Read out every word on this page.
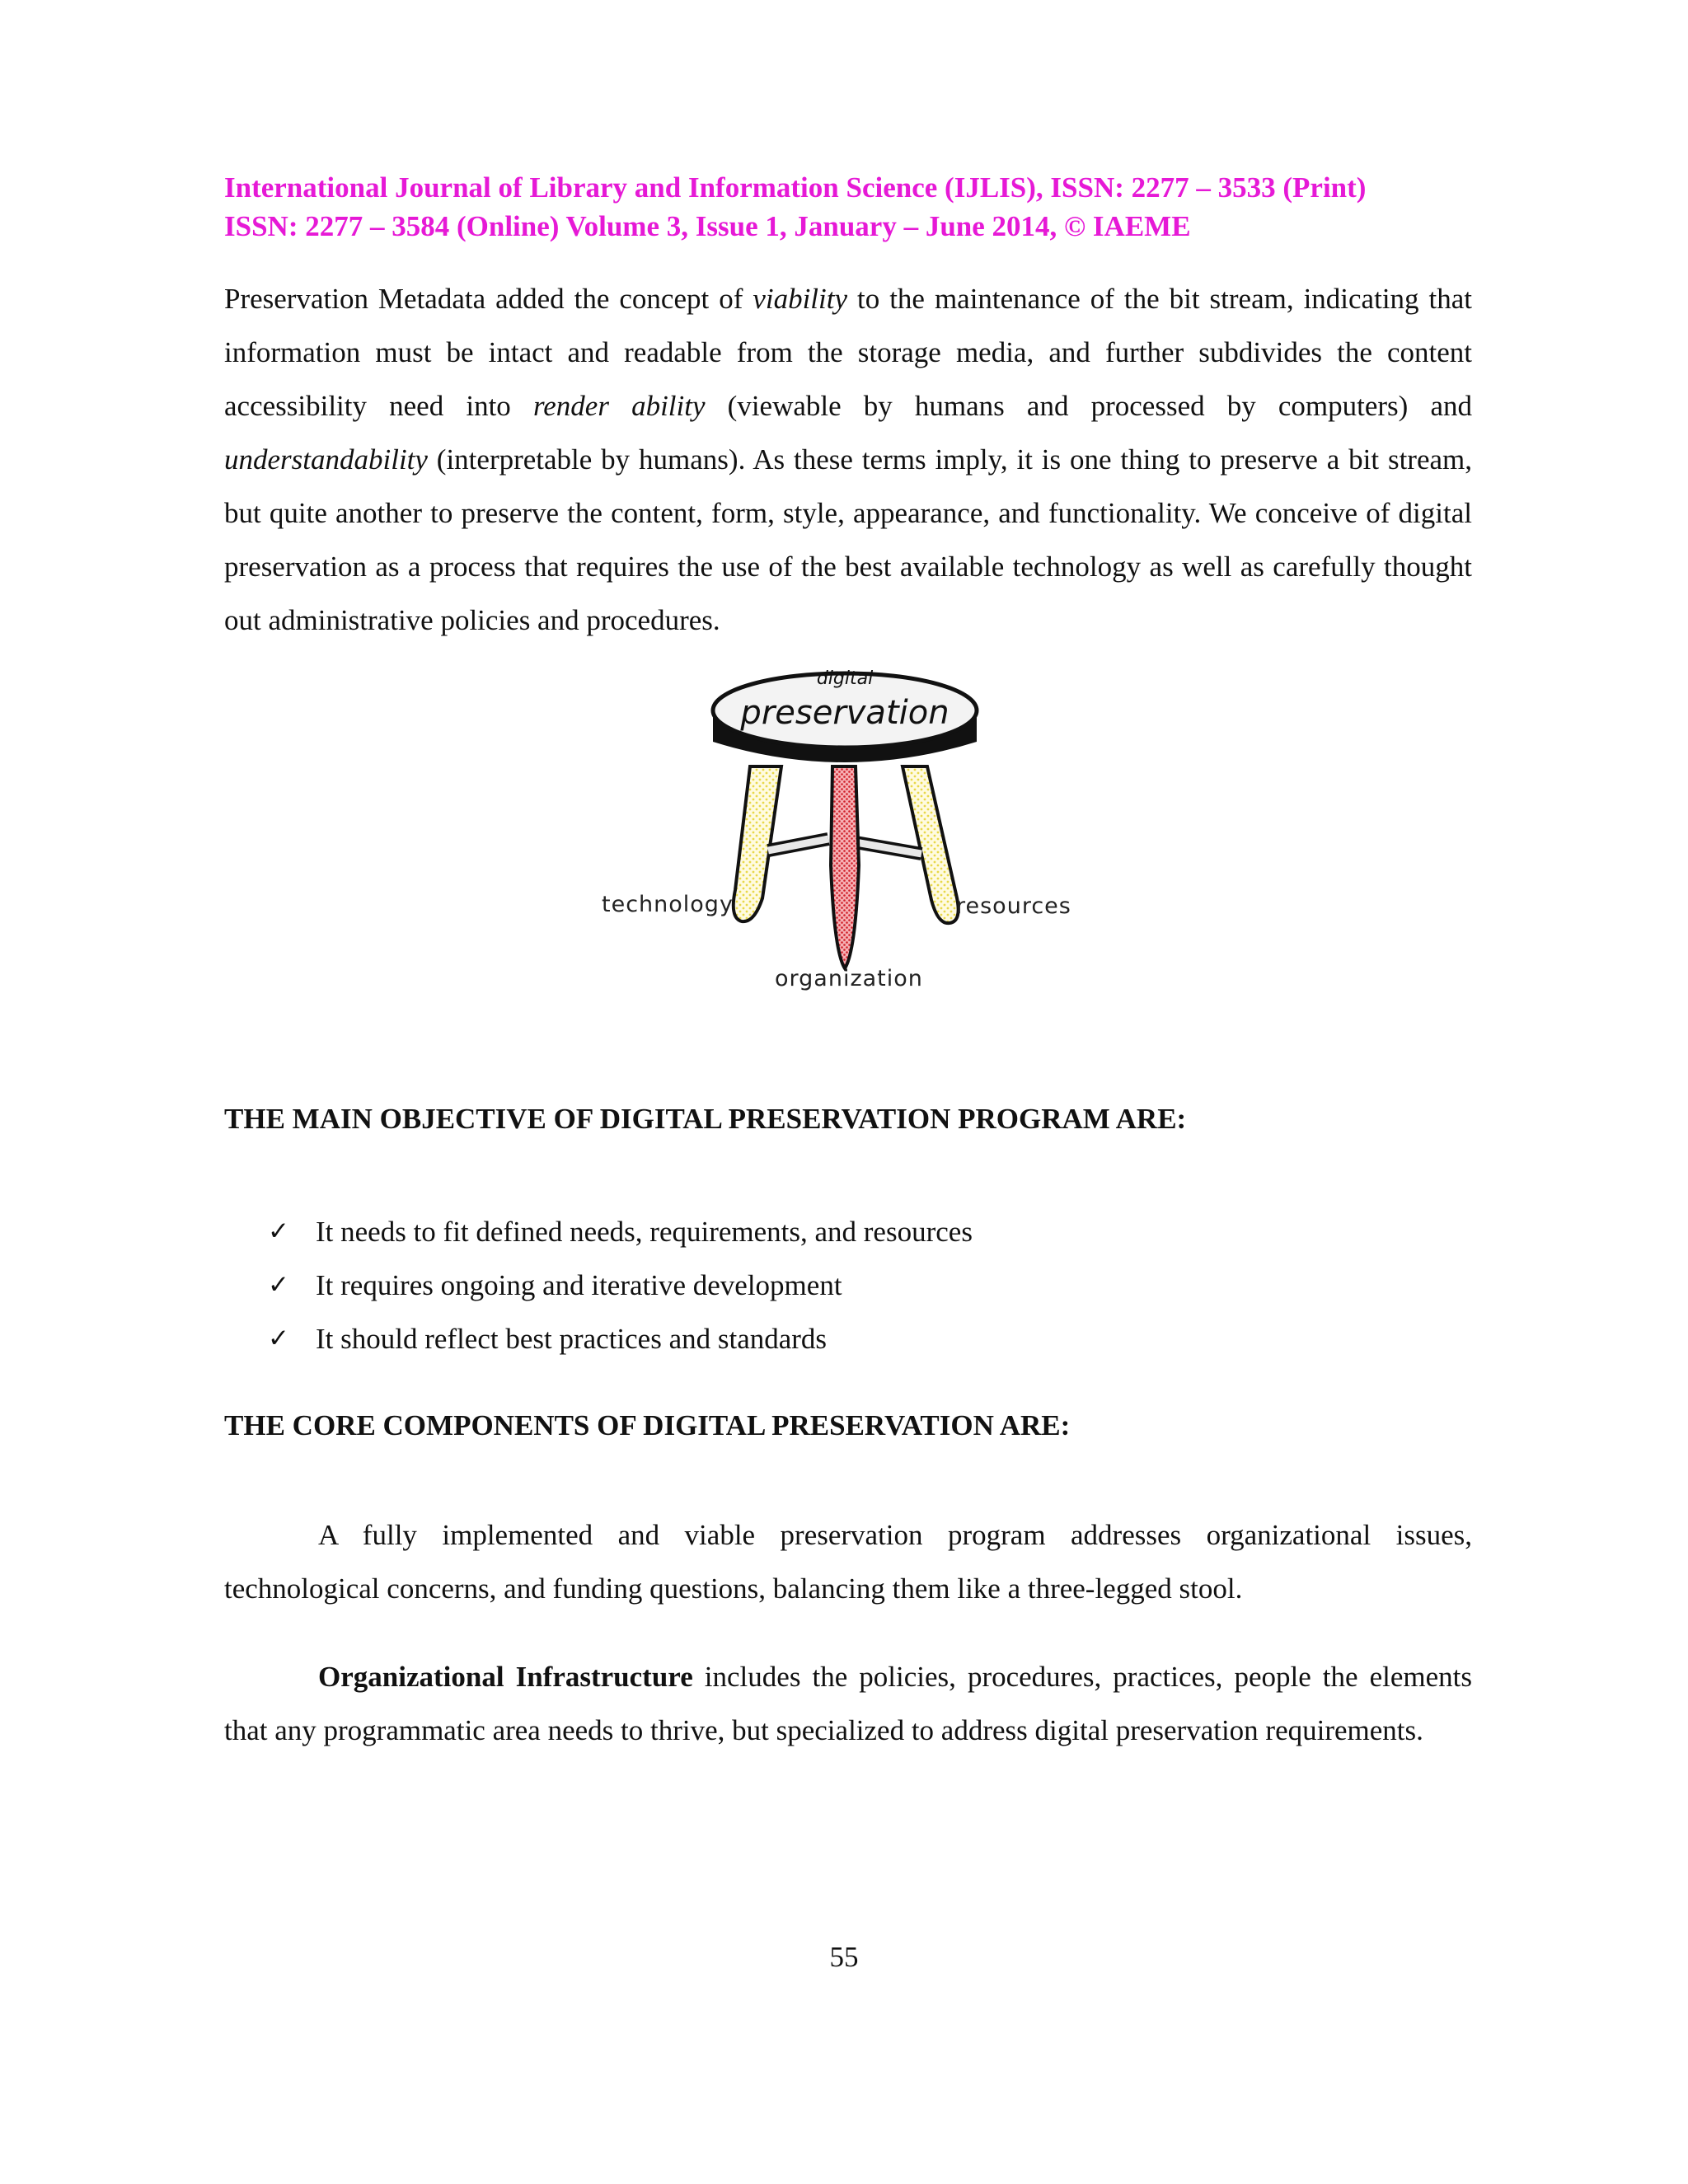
International Journal of Library and Information Science (IJLIS), ISSN: 2277 – 3533 (Print)
ISSN: 2277 – 3584 (Online) Volume 3, Issue 1, January – June 2014, © IAEME

Preservation Metadata added the concept of viability to the maintenance of the bit stream, indicating that information must be intact and readable from the storage media, and further subdivides the content accessibility need into render ability (viewable by humans and processed by computers) and understandability (interpretable by humans). As these terms imply, it is one thing to preserve a bit stream, but quite another to preserve the content, form, style, appearance, and functionality. We conceive of digital preservation as a process that requires the use of the best available technology as well as carefully thought out administrative policies and procedures.

digital
preservation
technology	resources
organization
THE MAIN OBJECTIVE OF DIGITAL PRESERVATION PROGRAM ARE:
✓ It needs to fit defined needs, requirements, and resources
✓ It requires ongoing and iterative development
✓ It should reflect best practices and standards
THE CORE COMPONENTS OF DIGITAL PRESERVATION ARE:

A fully implemented and viable preservation program addresses organizational issues, technological concerns, and funding questions, balancing them like a three-legged stool.

Organizational Infrastructure includes the policies, procedures, practices, people the elements that any programmatic area needs to thrive, but specialized to address digital preservation requirements.

55
